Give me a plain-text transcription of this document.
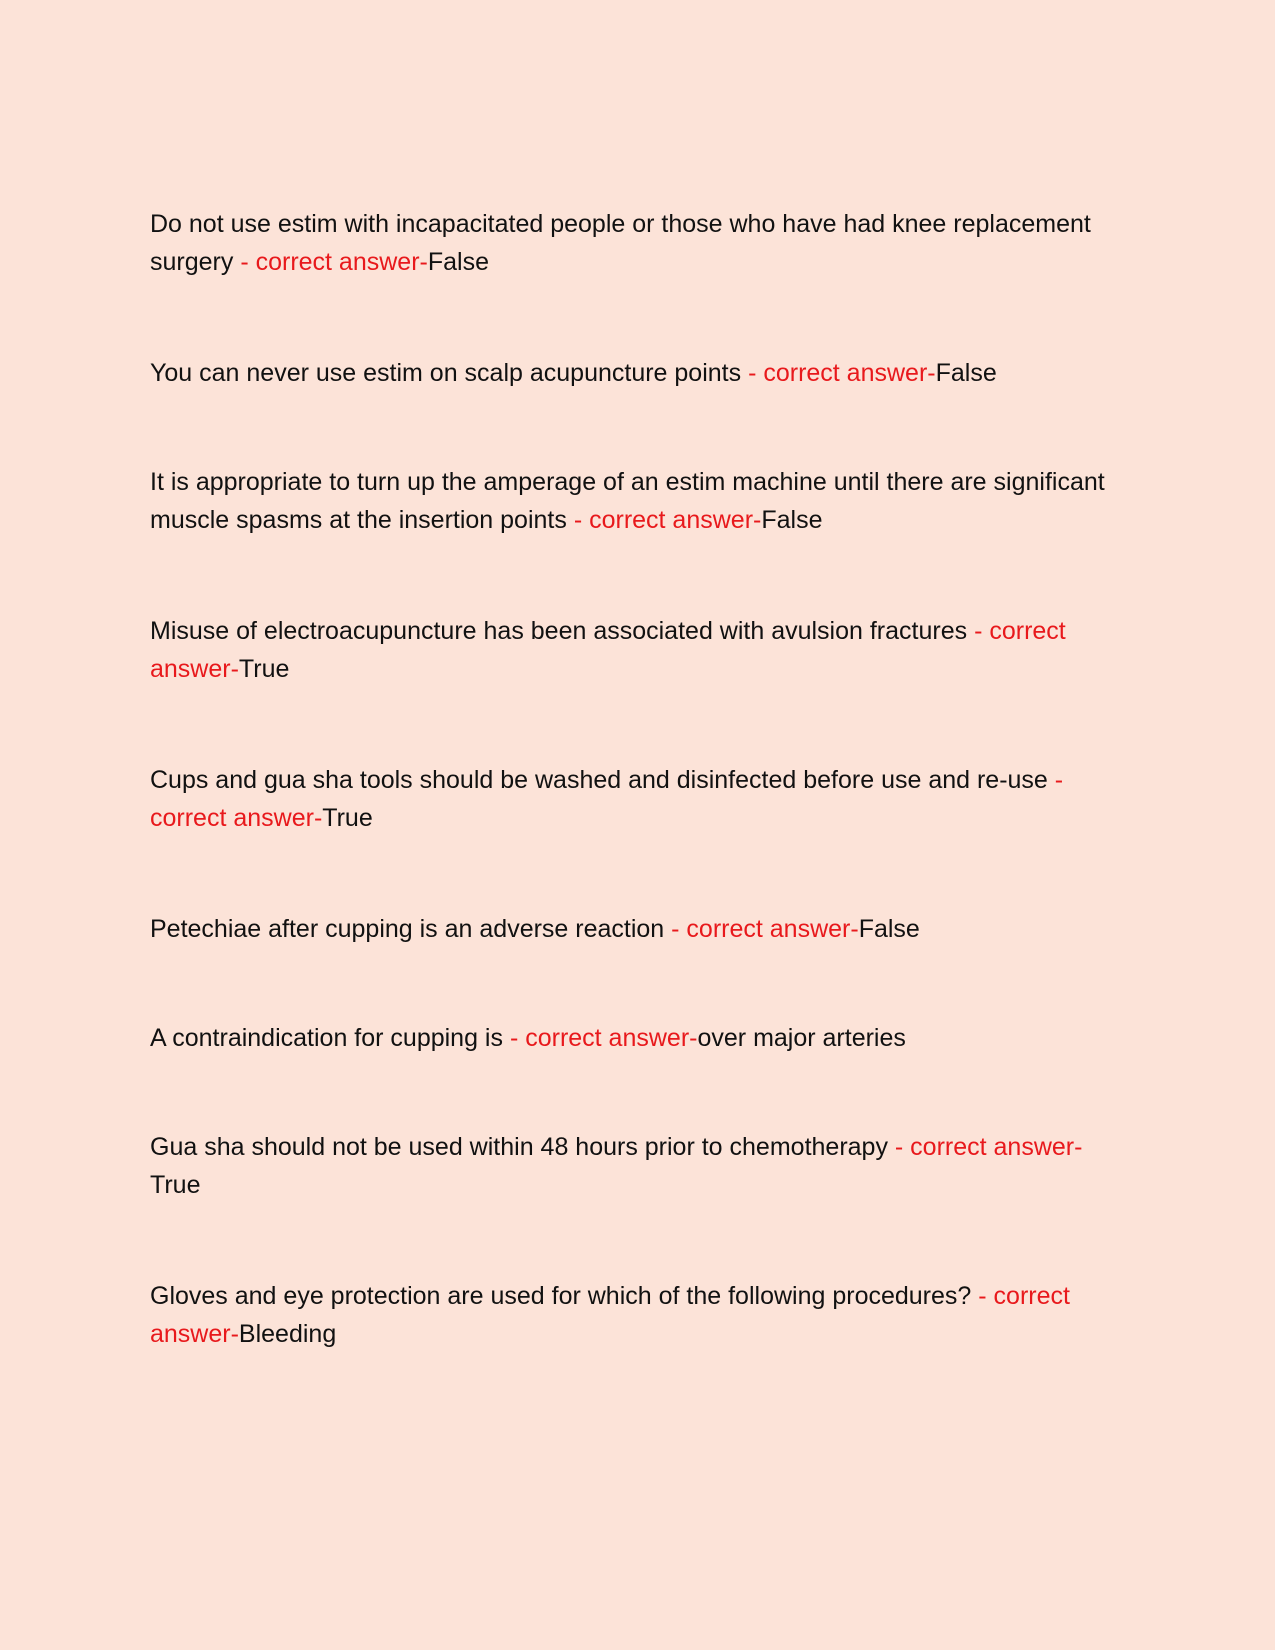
Do not use estim with incapacitated people or those who have had knee replacement surgery - correct answer-False

You can never use estim on scalp acupuncture points - correct answer-False

It is appropriate to turn up the amperage of an estim machine until there are significant muscle spasms at the insertion points - correct answer-False

Misuse of electroacupuncture has been associated with avulsion fractures - correct answer-True

Cups and gua sha tools should be washed and disinfected before use and re-use - correct answer-True

Petechiae after cupping is an adverse reaction - correct answer-False

A contraindication for cupping is - correct answer-over major arteries

Gua sha should not be used within 48 hours prior to chemotherapy - correct answer-True

Gloves and eye protection are used for which of the following procedures? - correct answer-Bleeding
